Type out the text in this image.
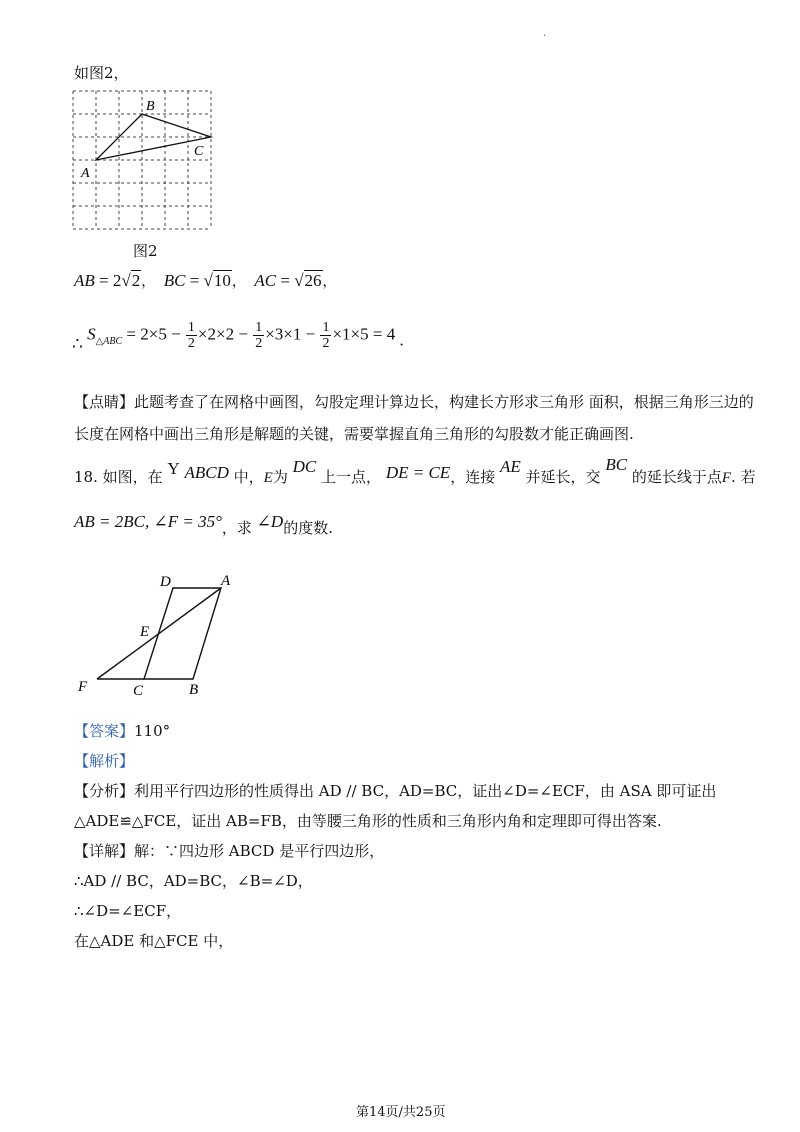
.
如图2，
B
C
A
图2
AB = 2√2， BC = √10， AC = √26，
∴ $S_{\triangle ABC} = 2\times 5 - \frac{1}{2} \times 2\times 2 - \frac{1}{2} \times 3\times 1 - \frac{1}{2} \times 1\times 5 = 4$ .
【点睛】此题考查了在网格中画图，勾股定理计算边长，构建长方形求三角形 面积，根据三角形三边的
长度在网格中画出三角形是解题的关键，需要掌握直角三角形的勾股数才能正确画图.
18. 如图，在 Y ABCD 中，E为 DC 上一点， DE = CE，连接 AE 并延长，交 BC 的延长线于点F. 若
AB = 2BC, ∠F = 35°，求 ∠D的度数.
D	A
E
F	C	B
【答案】110°
【解析】
【分析】利用平行四边形的性质得出 AD // BC，AD=BC，证出∠D=∠ECF，由 ASA 即可证出
△ADE≌△FCE，证出 AB=FB，由等腰三角形的性质和三角形内角和定理即可得出答案.
【详解】解：∵四边形 ABCD 是平行四边形，
∴AD // BC，AD=BC，∠B=∠D，
∴∠D=∠ECF，
在△ADE 和△FCE 中，
第14页/共25页
